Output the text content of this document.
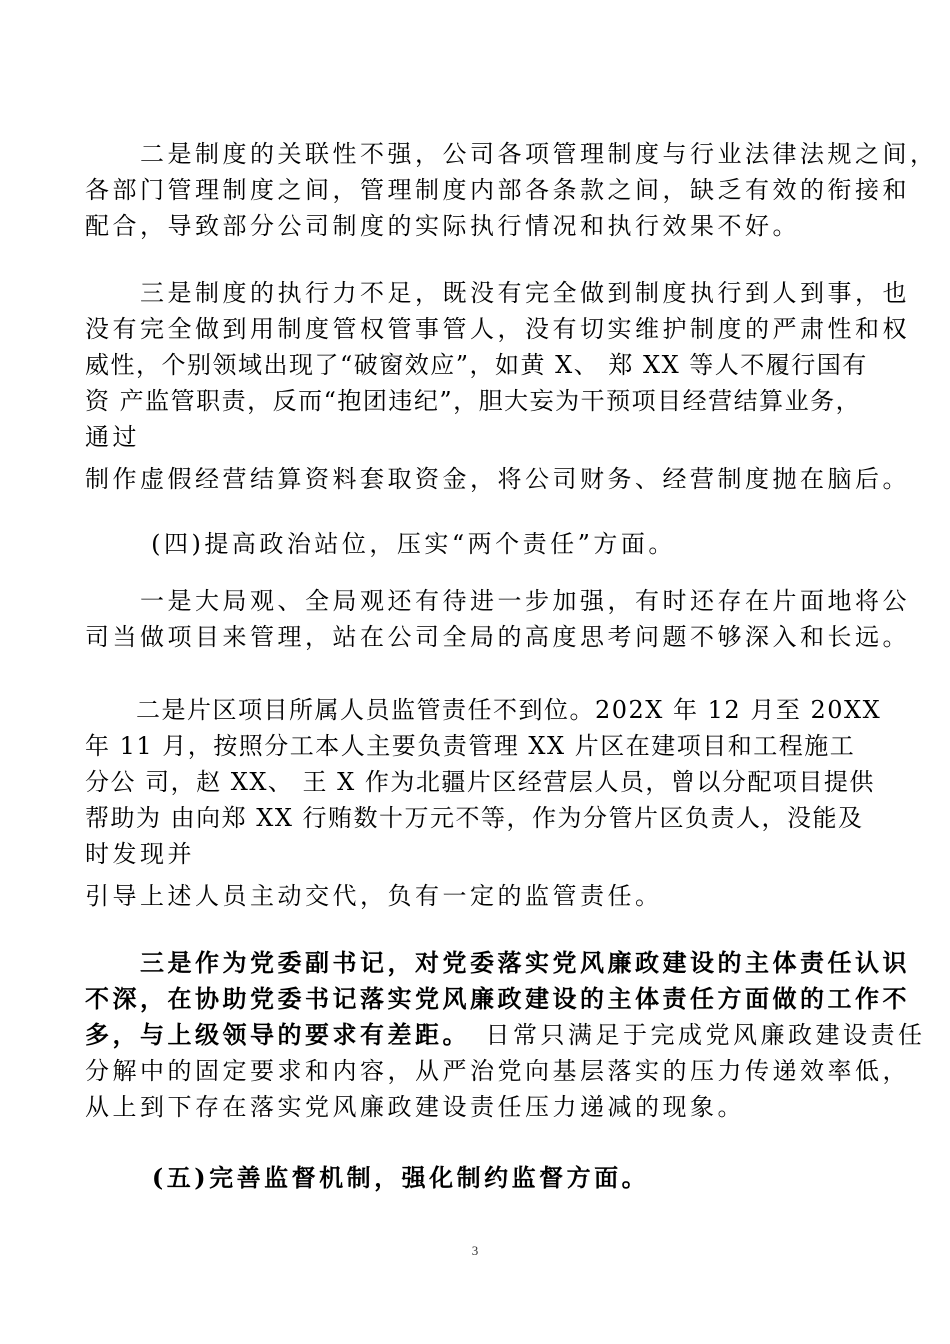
　　二是制度的关联性不强，公司各项管理制度与行业法律法规之间，
各部门管理制度之间，管理制度内部各条款之间，缺乏有效的衔接和
配合，导致部分公司制度的实际执行情况和执行效果不好。
　　三是制度的执行力不足，既没有完全做到制度执行到人到事，也
没有完全做到用制度管权管事管人，没有切实维护制度的严肃性和权
威性，个别领域出现了“破窗效应”，如黄 X、 郑 XX 等人不履行国有
资 产监管职责，反而“抱团违纪”，胆大妄为干预项目经营结算业务，
通过
制作虚假经营结算资料套取资金，将公司财务、经营制度抛在脑后。
　　 (四)提高政治站位，压实“两个责任”方面。
　　一是大局观、全局观还有待进一步加强，有时还存在片面地将公
司当做项目来管理，站在公司全局的高度思考问题不够深入和长远。
　　二是片区项目所属人员监管责任不到位。202X 年 12 月至 20XX
年 11 月，按照分工本人主要负责管理 XX 片区在建项目和工程施工
分公 司，赵 XX、 王 X 作为北疆片区经营层人员，曾以分配项目提供
帮助为 由向郑 XX 行贿数十万元不等，作为分管片区负责人，没能及
时发现并
引导上述人员主动交代，负有一定的监管责任。
　　三是作为党委副书记，对党委落实党风廉政建设的主体责任认识
不深，在协助党委书记落实党风廉政建设的主体责任方面做的工作不
多，与上级领导的要求有差距。　日常只满足于完成党风廉政建设责任
分解中的固定要求和内容，从严治党向基层落实的压力传递效率低，
从上到下存在落实党风廉政建设责任压力递减的现象。
　　 (五)完善监督机制，强化制约监督方面。
3
